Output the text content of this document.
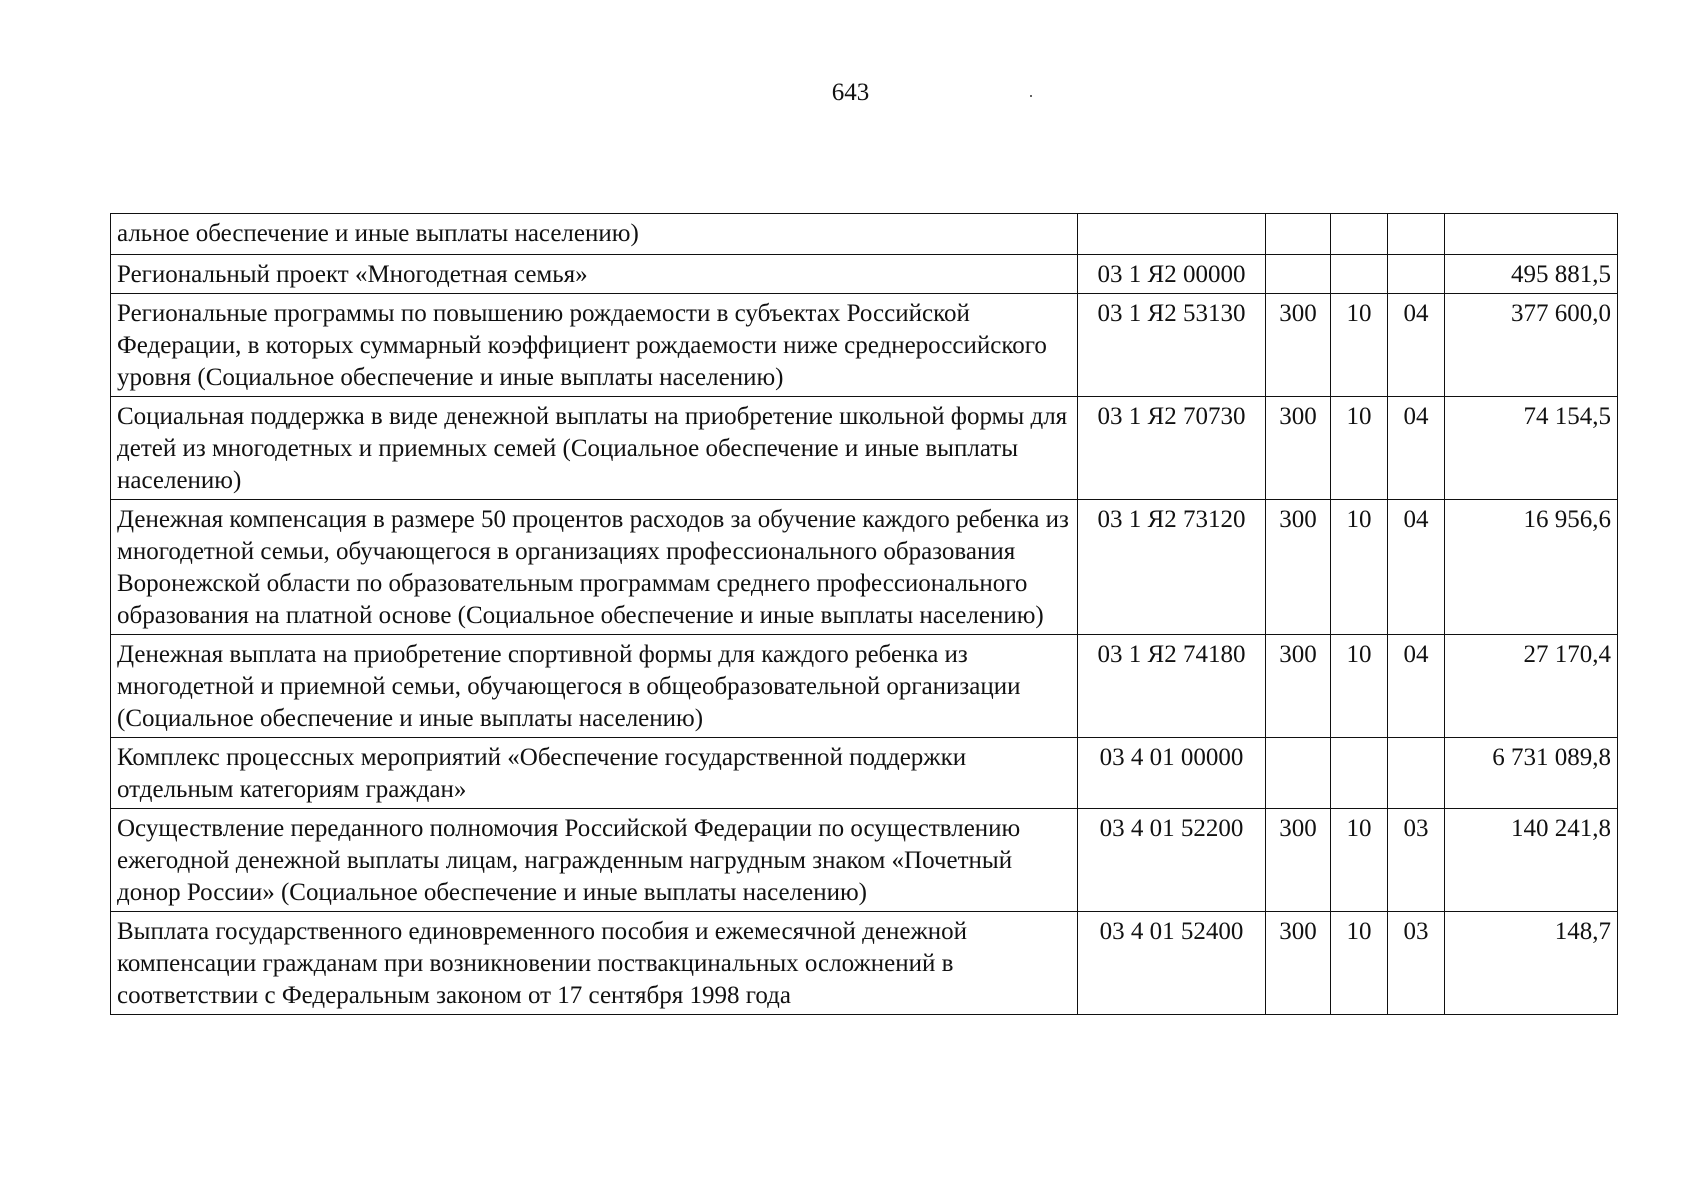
643
альное обеспечение и иные выплаты населению)					
Региональный проект «Многодетная семья»	03 1 Я2 00000				495 881,5
Региональные программы по повышению рождаемости в субъектах Российской Федерации, в которых суммарный коэффициент рождаемости ниже среднероссийского уровня (Социальное обеспечение и иные выплаты населению)	03 1 Я2 53130	300	10	04	377 600,0
Социальная поддержка в виде денежной выплаты на приобретение школьной формы для детей из многодетных и приемных семей (Социальное обеспечение и иные выплаты населению)	03 1 Я2 70730	300	10	04	74 154,5
Денежная компенсация в размере 50 процентов расходов за обучение каждого ребенка из многодетной семьи, обучающегося в организациях профессионального образования Воронежской области по образовательным программам среднего профессионального образования на платной основе (Социальное обеспечение и иные выплаты населению)	03 1 Я2 73120	300	10	04	16 956,6
Денежная выплата на приобретение спортивной формы для каждого ребенка из многодетной и приемной семьи, обучающегося в общеобразовательной организации (Социальное обеспечение и иные выплаты населению)	03 1 Я2 74180	300	10	04	27 170,4
Комплекс процессных мероприятий «Обеспечение государственной поддержки отдельным категориям граждан»	03 4 01 00000				6 731 089,8
Осуществление переданного полномочия Российской Федерации по осуществлению ежегодной денежной выплаты лицам, награжденным нагрудным знаком «Почетный донор России» (Социальное обеспечение и иные выплаты населению)	03 4 01 52200	300	10	03	140 241,8
Выплата государственного единовременного пособия и ежемесячной денежной компенсации гражданам при возникновении поствакцинальных осложнений в соответствии с Федеральным законом от 17 сентября 1998 года	03 4 01 52400	300	10	03	148,7
